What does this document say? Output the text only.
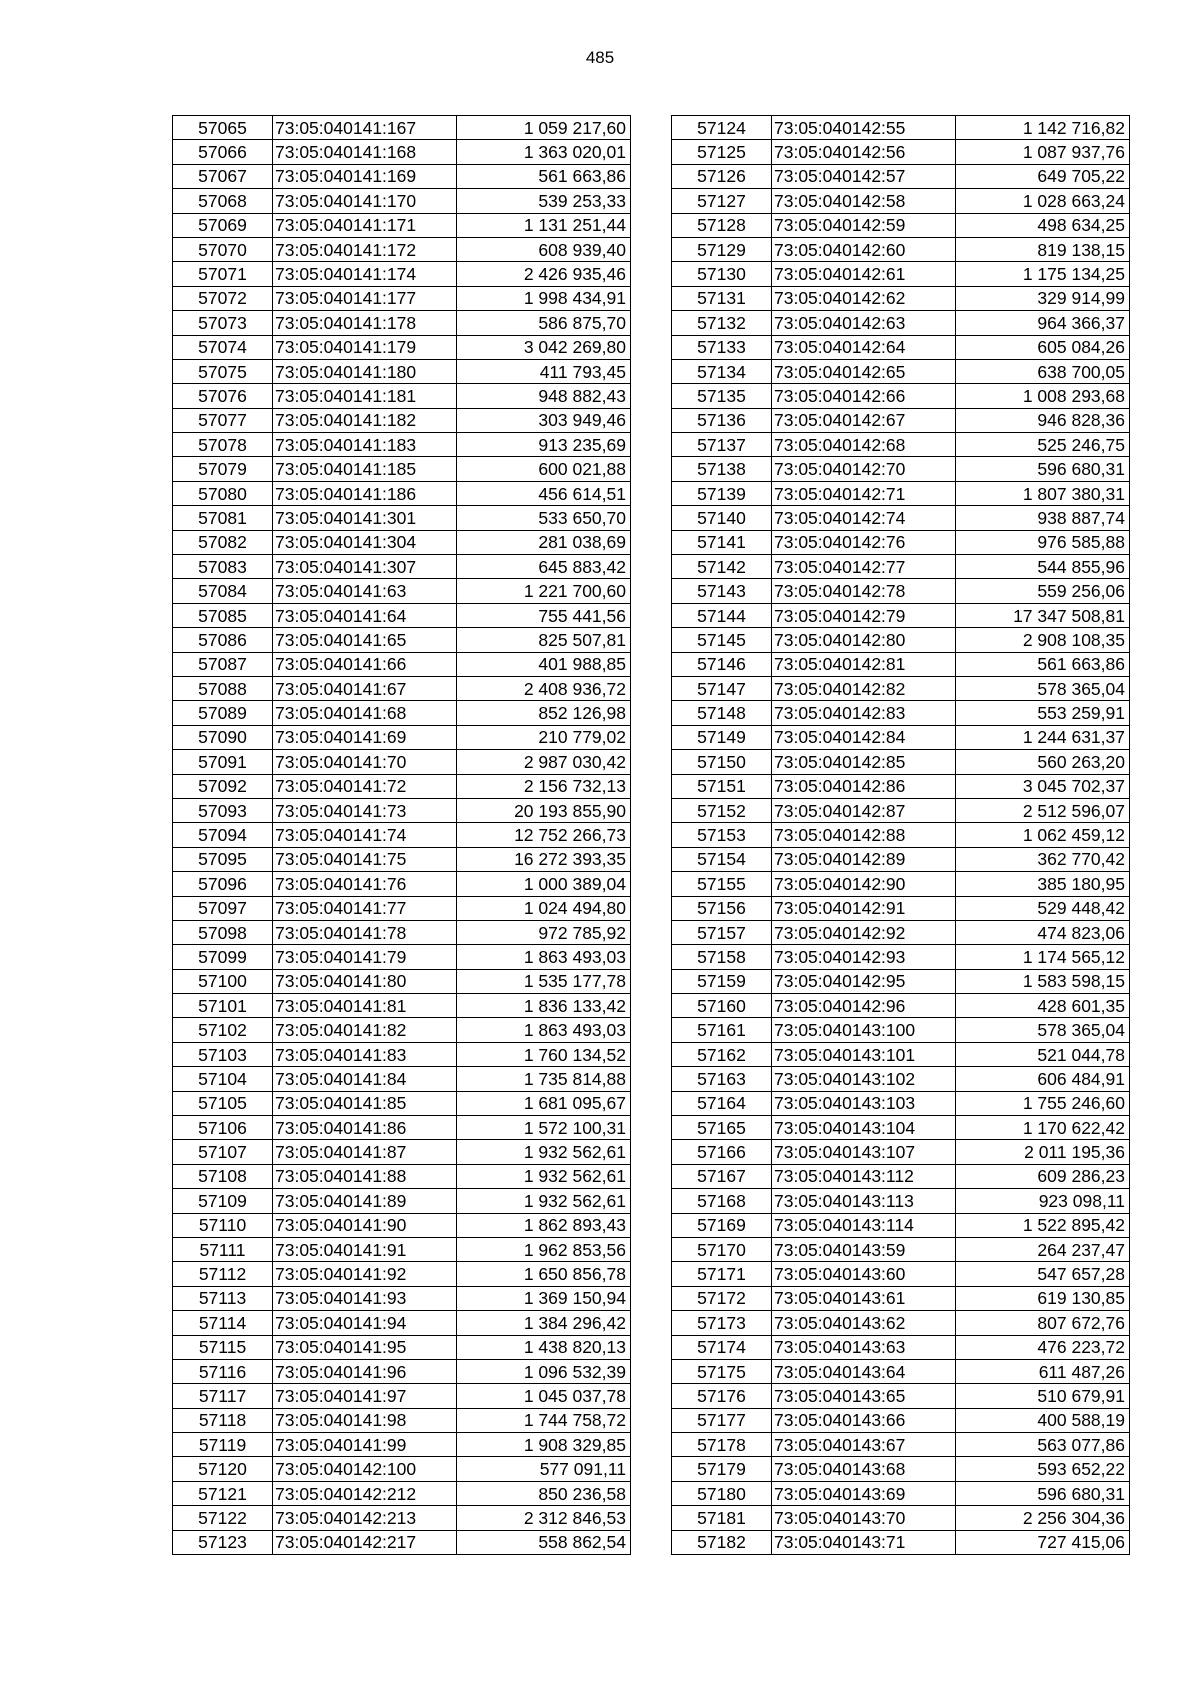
485
57065	73:05:040141:167	1 059 217,60
57066	73:05:040141:168	1 363 020,01
57067	73:05:040141:169	561 663,86
57068	73:05:040141:170	539 253,33
57069	73:05:040141:171	1 131 251,44
57070	73:05:040141:172	608 939,40
57071	73:05:040141:174	2 426 935,46
57072	73:05:040141:177	1 998 434,91
57073	73:05:040141:178	586 875,70
57074	73:05:040141:179	3 042 269,80
57075	73:05:040141:180	411 793,45
57076	73:05:040141:181	948 882,43
57077	73:05:040141:182	303 949,46
57078	73:05:040141:183	913 235,69
57079	73:05:040141:185	600 021,88
57080	73:05:040141:186	456 614,51
57081	73:05:040141:301	533 650,70
57082	73:05:040141:304	281 038,69
57083	73:05:040141:307	645 883,42
57084	73:05:040141:63	1 221 700,60
57085	73:05:040141:64	755 441,56
57086	73:05:040141:65	825 507,81
57087	73:05:040141:66	401 988,85
57088	73:05:040141:67	2 408 936,72
57089	73:05:040141:68	852 126,98
57090	73:05:040141:69	210 779,02
57091	73:05:040141:70	2 987 030,42
57092	73:05:040141:72	2 156 732,13
57093	73:05:040141:73	20 193 855,90
57094	73:05:040141:74	12 752 266,73
57095	73:05:040141:75	16 272 393,35
57096	73:05:040141:76	1 000 389,04
57097	73:05:040141:77	1 024 494,80
57098	73:05:040141:78	972 785,92
57099	73:05:040141:79	1 863 493,03
57100	73:05:040141:80	1 535 177,78
57101	73:05:040141:81	1 836 133,42
57102	73:05:040141:82	1 863 493,03
57103	73:05:040141:83	1 760 134,52
57104	73:05:040141:84	1 735 814,88
57105	73:05:040141:85	1 681 095,67
57106	73:05:040141:86	1 572 100,31
57107	73:05:040141:87	1 932 562,61
57108	73:05:040141:88	1 932 562,61
57109	73:05:040141:89	1 932 562,61
57110	73:05:040141:90	1 862 893,43
57111	73:05:040141:91	1 962 853,56
57112	73:05:040141:92	1 650 856,78
57113	73:05:040141:93	1 369 150,94
57114	73:05:040141:94	1 384 296,42
57115	73:05:040141:95	1 438 820,13
57116	73:05:040141:96	1 096 532,39
57117	73:05:040141:97	1 045 037,78
57118	73:05:040141:98	1 744 758,72
57119	73:05:040141:99	1 908 329,85
57120	73:05:040142:100	577 091,11
57121	73:05:040142:212	850 236,58
57122	73:05:040142:213	2 312 846,53
57123	73:05:040142:217	558 862,54
57124	73:05:040142:55	1 142 716,82
57125	73:05:040142:56	1 087 937,76
57126	73:05:040142:57	649 705,22
57127	73:05:040142:58	1 028 663,24
57128	73:05:040142:59	498 634,25
57129	73:05:040142:60	819 138,15
57130	73:05:040142:61	1 175 134,25
57131	73:05:040142:62	329 914,99
57132	73:05:040142:63	964 366,37
57133	73:05:040142:64	605 084,26
57134	73:05:040142:65	638 700,05
57135	73:05:040142:66	1 008 293,68
57136	73:05:040142:67	946 828,36
57137	73:05:040142:68	525 246,75
57138	73:05:040142:70	596 680,31
57139	73:05:040142:71	1 807 380,31
57140	73:05:040142:74	938 887,74
57141	73:05:040142:76	976 585,88
57142	73:05:040142:77	544 855,96
57143	73:05:040142:78	559 256,06
57144	73:05:040142:79	17 347 508,81
57145	73:05:040142:80	2 908 108,35
57146	73:05:040142:81	561 663,86
57147	73:05:040142:82	578 365,04
57148	73:05:040142:83	553 259,91
57149	73:05:040142:84	1 244 631,37
57150	73:05:040142:85	560 263,20
57151	73:05:040142:86	3 045 702,37
57152	73:05:040142:87	2 512 596,07
57153	73:05:040142:88	1 062 459,12
57154	73:05:040142:89	362 770,42
57155	73:05:040142:90	385 180,95
57156	73:05:040142:91	529 448,42
57157	73:05:040142:92	474 823,06
57158	73:05:040142:93	1 174 565,12
57159	73:05:040142:95	1 583 598,15
57160	73:05:040142:96	428 601,35
57161	73:05:040143:100	578 365,04
57162	73:05:040143:101	521 044,78
57163	73:05:040143:102	606 484,91
57164	73:05:040143:103	1 755 246,60
57165	73:05:040143:104	1 170 622,42
57166	73:05:040143:107	2 011 195,36
57167	73:05:040143:112	609 286,23
57168	73:05:040143:113	923 098,11
57169	73:05:040143:114	1 522 895,42
57170	73:05:040143:59	264 237,47
57171	73:05:040143:60	547 657,28
57172	73:05:040143:61	619 130,85
57173	73:05:040143:62	807 672,76
57174	73:05:040143:63	476 223,72
57175	73:05:040143:64	611 487,26
57176	73:05:040143:65	510 679,91
57177	73:05:040143:66	400 588,19
57178	73:05:040143:67	563 077,86
57179	73:05:040143:68	593 652,22
57180	73:05:040143:69	596 680,31
57181	73:05:040143:70	2 256 304,36
57182	73:05:040143:71	727 415,06
